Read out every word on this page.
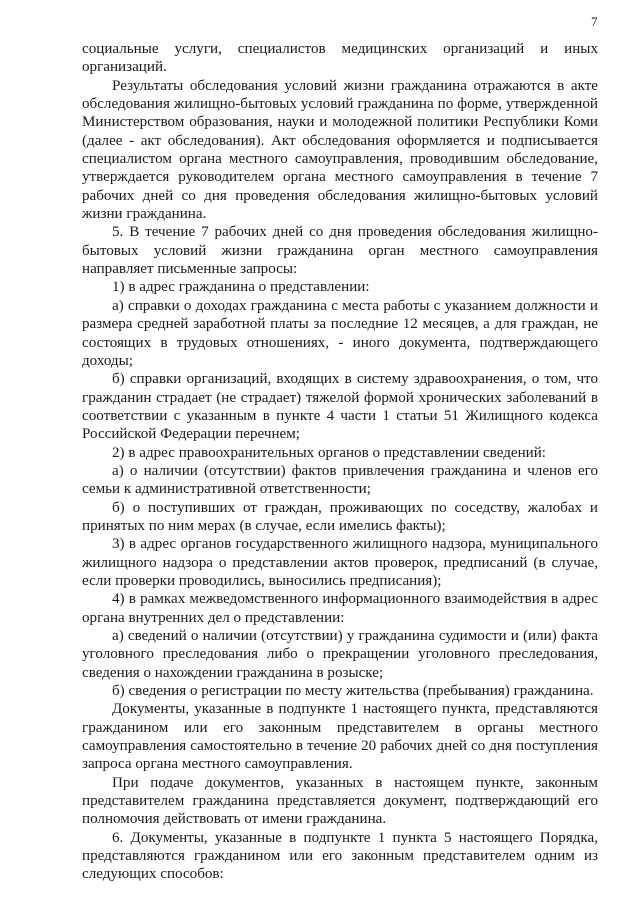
7

социальные услуги, специалистов медицинских организаций и иных организаций.

Результаты обследования условий жизни гражданина отражаются в акте обследования жилищно-бытовых условий гражданина по форме, утвержденной Министерством образования, науки и молодежной политики Республики Коми (далее - акт обследования). Акт обследования оформляется и подписывается специалистом органа местного самоуправления, проводившим обследование, утверждается руководителем органа местного самоуправления в течение 7 рабочих дней со дня проведения обследования жилищно-бытовых условий жизни гражданина.

5. В течение 7 рабочих дней со дня проведения обследования жилищно-бытовых условий жизни гражданина орган местного самоуправления направляет письменные запросы:

1) в адрес гражданина о представлении:

а) справки о доходах гражданина с места работы с указанием должности и размера средней заработной платы за последние 12 месяцев, а для граждан, не состоящих в трудовых отношениях, - иного документа, подтверждающего доходы;

б) справки организаций, входящих в систему здравоохранения, о том, что гражданин страдает (не страдает) тяжелой формой хронических заболеваний в соответствии с указанным в пункте 4 части 1 статьи 51 Жилищного кодекса Российской Федерации перечнем;

2) в адрес правоохранительных органов о представлении сведений:

а) о наличии (отсутствии) фактов привлечения гражданина и членов его семьи к административной ответственности;

б) о поступивших от граждан, проживающих по соседству, жалобах и принятых по ним мерах (в случае, если имелись факты);

3) в адрес органов государственного жилищного надзора, муниципального жилищного надзора о представлении актов проверок, предписаний (в случае, если проверки проводились, выносились предписания);

4) в рамках межведомственного информационного взаимодействия в адрес органа внутренних дел о представлении:

а) сведений о наличии (отсутствии) у гражданина судимости и (или) факта уголовного преследования либо о прекращении уголовного преследования, сведения о нахождении гражданина в розыске;

б) сведения о регистрации по месту жительства (пребывания) гражданина.

Документы, указанные в подпункте 1 настоящего пункта, представляются гражданином или его законным представителем в органы местного самоуправления самостоятельно в течение 20 рабочих дней со дня поступления запроса органа местного самоуправления.

При подаче документов, указанных в настоящем пункте, законным представителем гражданина представляется документ, подтверждающий его полномочия действовать от имени гражданина.

6. Документы, указанные в подпункте 1 пункта 5 настоящего Порядка, представляются гражданином или его законным представителем одним из следующих способов:
